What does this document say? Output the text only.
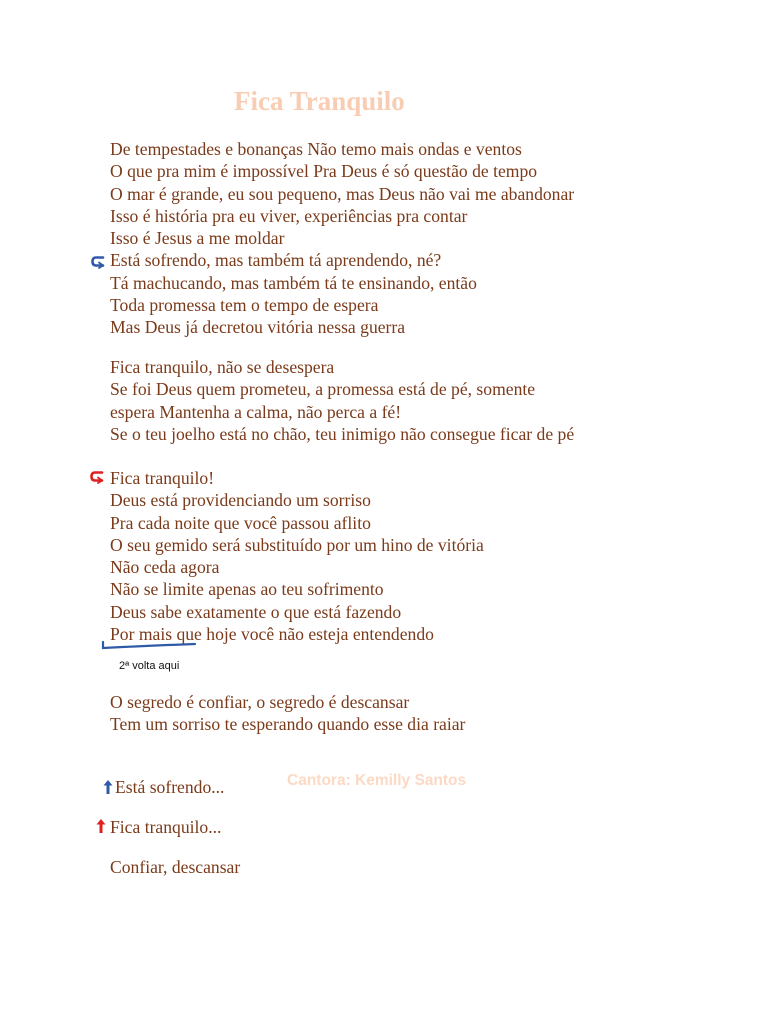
Fica Tranquilo
De tempestades e bonanças Não temo mais ondas e ventos
O que pra mim é impossível Pra Deus é só questão de tempo
O mar é grande, eu sou pequeno, mas Deus não vai me abandonar
Isso é história pra eu viver, experiências pra contar
Isso é Jesus a me moldar
Está sofrendo, mas também tá aprendendo, né?
Tá machucando, mas também tá te ensinando, então
Toda promessa tem o tempo de espera
Mas Deus já decretou vitória nessa guerra
Fica tranquilo, não se desespera
Se foi Deus quem prometeu, a promessa está de pé, somente
espera Mantenha a calma, não perca a fé!
Se o teu joelho está no chão, teu inimigo não consegue ficar de pé
Fica tranquilo!
Deus está providenciando um sorriso
Pra cada noite que você passou aflito
O seu gemido será substituído por um hino de vitória
Não ceda agora
Não se limite apenas ao teu sofrimento
Deus sabe exatamente o que está fazendo
Por mais que hoje você não esteja entendendo
2ª volta aqui
O segredo é confiar, o segredo é descansar
Tem um sorriso te esperando quando esse dia raiar
Cantora: Kemilly Santos
Está sofrendo...
Fica tranquilo...
Confiar, descansar
